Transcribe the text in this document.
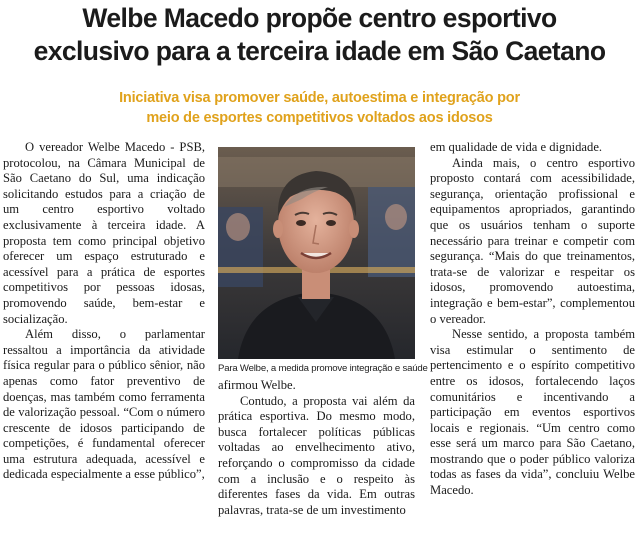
Welbe Macedo propõe centro esportivo
exclusivo para a terceira idade em São Caetano
Iniciativa visa promover saúde, autoestima e integração por
meio de esportes competitivos voltados aos idosos

O vereador Welbe Macedo - PSB, protocolou, na Câmara Municipal de São Caetano do Sul, uma indicação solicitando estudos para a criação de um centro esportivo voltado exclusivamente à terceira idade. A proposta tem como principal objetivo oferecer um espaço estruturado e acessível para a prática de esportes competitivos por pessoas idosas, promovendo saúde, bem-estar e socialização.

Além disso, o parlamentar ressaltou a importância da atividade física regular para o público sênior, não apenas como fator preventivo de doenças, mas também como ferramenta de valorização pessoal. “Com o número crescente de idosos participando de competições, é fundamental oferecer uma estrutura adequada, acessível e dedicada especialmente a esse público”,

Para Welbe, a medida promove integração e saúde

afirmou Welbe.

Contudo, a proposta vai além da prática esportiva. Do mesmo modo, busca fortalecer políticas públicas voltadas ao envelhecimento ativo, reforçando o compromisso da cidade com a inclusão e o respeito às diferentes fases da vida. Em outras palavras, trata-se de um investimento

em qualidade de vida e dignidade.

Ainda mais, o centro esportivo proposto contará com acessibilidade, segurança, orientação profissional e equipamentos apropriados, garantindo que os usuários tenham o suporte necessário para treinar e competir com segurança. “Mais do que treinamentos, trata-se de valorizar e respeitar os idosos, promovendo autoestima, integração e bem-estar”, complementou o vereador.

Nesse sentido, a proposta também visa estimular o sentimento de pertencimento e o espírito competitivo entre os idosos, fortalecendo laços comunitários e incentivando a participação em eventos esportivos locais e regionais. “Um centro como esse será um marco para São Caetano, mostrando que o poder público valoriza todas as fases da vida”, concluiu Welbe Macedo.
